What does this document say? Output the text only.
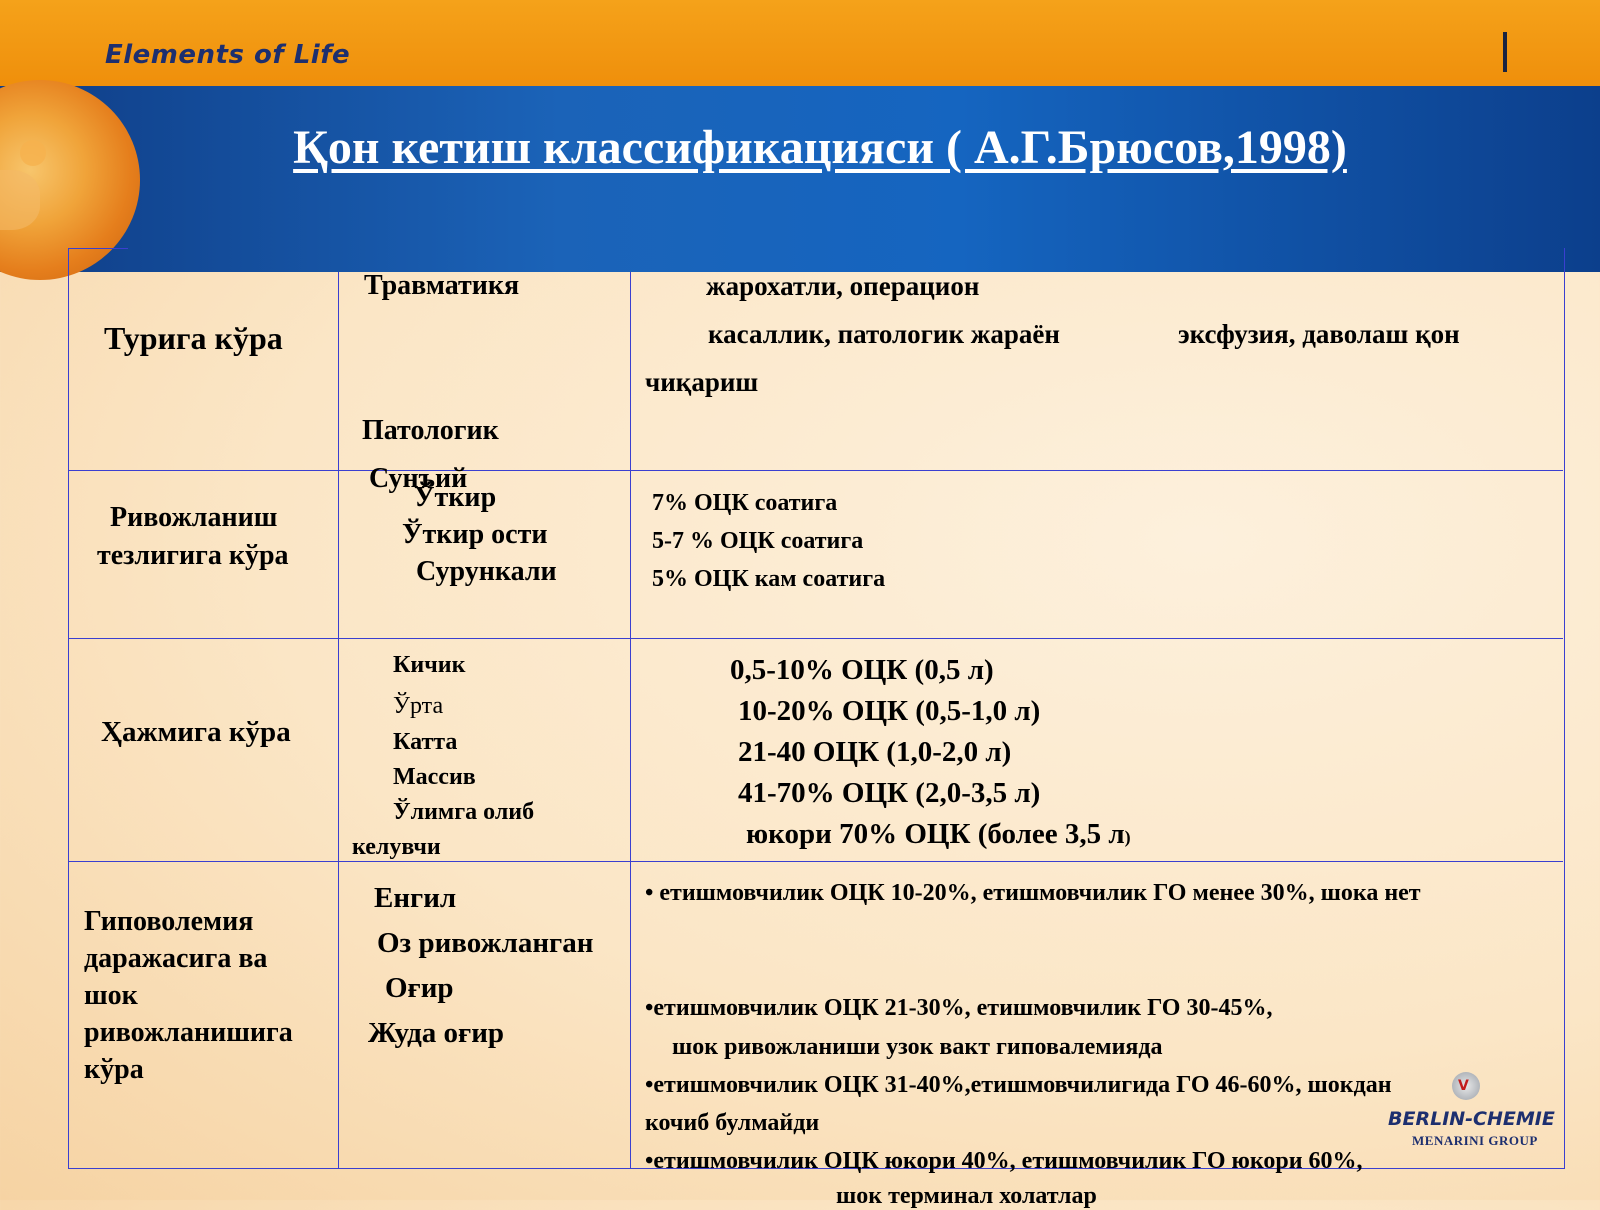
Elements of Life
Қон кетиш классификацияси ( А.Г.Брюсов,1998)
Турига кўра
Травматикя
Патологик
Сунъий
жарохатли, операцион
касаллик, патологик жараён	эксфузия, даволаш қон
чиқариш
Ривожланиш
тезлигига кўра
Ўткир
Ўткир ости
Сурункали
7% ОЦК соатига
5-7 % ОЦК соатига
5% ОЦК кам соатига
Ҳажмига кўра
Кичик
Ўрта
Катта
Массив
Ўлимга олиб
келувчи
0,5-10% ОЦК (0,5 л)
10-20% ОЦК (0,5-1,0 л)
21-40 ОЦК (1,0-2,0 л)
41-70% ОЦК (2,0-3,5 л)
юкори 70% ОЦК (более 3,5 л)
Гиповолемия
даражасига ва
шок
ривожланишига
кўра
Енгил
Оз ривожланган
Оғир
Жуда оғир
• етишмовчилик ОЦК 10-20%, етишмовчилик ГО менее 30%, шока нет
•етишмовчилик ОЦК 21-30%, етишмовчилик ГО 30-45%,
шок ривожланиши узок вакт гиповалемияда
•етишмовчилик ОЦК 31-40%,етишмовчилигида ГО 46-60%, шокдан
кочиб булмайди
•етишмовчилик ОЦК юкори 40%, етишмовчилик ГО юкори 60%,
шок терминал холатлар
V
BERLIN-CHEMIE
MENARINI GROUP
